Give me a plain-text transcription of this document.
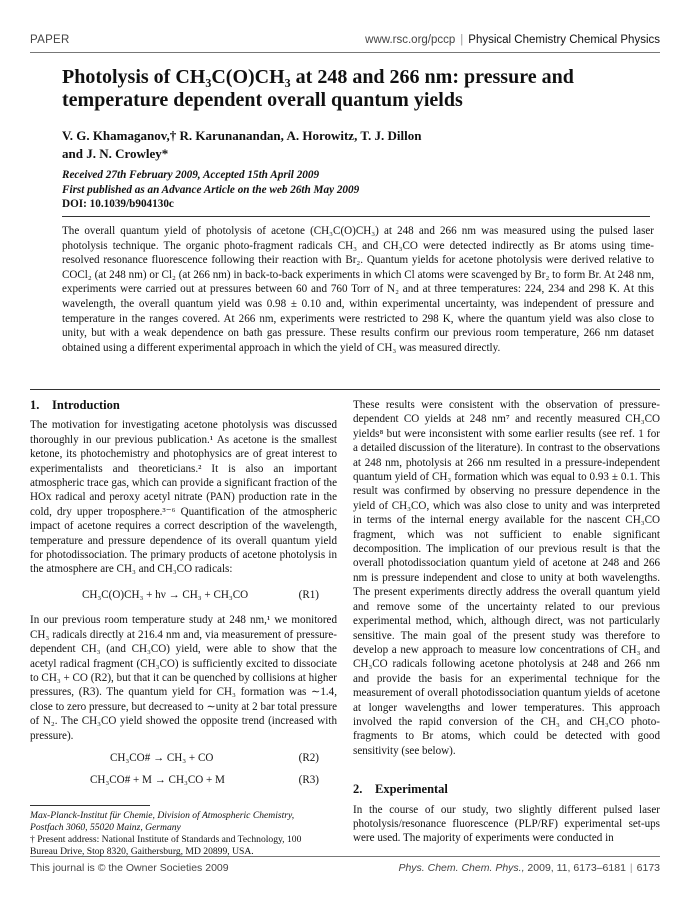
PAPER	www.rsc.org/pccp | Physical Chemistry Chemical Physics
Photolysis of CH₃C(O)CH₃ at 248 and 266 nm: pressure and temperature dependent overall quantum yields
V. G. Khamaganov,† R. Karunanandan, A. Horowitz, T. J. Dillon
and J. N. Crowley*
Received 27th February 2009, Accepted 15th April 2009
First published as an Advance Article on the web 26th May 2009
DOI: 10.1039/b904130c
The overall quantum yield of photolysis of acetone (CH₃C(O)CH₃) at 248 and 266 nm was measured using the pulsed laser photolysis technique. The organic photo-fragment radicals CH₃ and CH₃CO were detected indirectly as Br atoms using time-resolved resonance fluorescence following their reaction with Br₂. Quantum yields for acetone photolysis were derived relative to COCl₂ (at 248 nm) or Cl₂ (at 266 nm) in back-to-back experiments in which Cl atoms were scavenged by Br₂ to form Br. At 248 nm, experiments were carried out at pressures between 60 and 760 Torr of N₂ and at three temperatures: 224, 234 and 298 K. At this wavelength, the overall quantum yield was 0.98 ± 0.10 and, within experimental uncertainty, was independent of pressure and temperature in the ranges covered. At 266 nm, experiments were restricted to 298 K, where the quantum yield was also close to unity, but with a weak dependence on bath gas pressure. These results confirm our previous room temperature, 266 nm dataset obtained using a different experimental approach in which the yield of CH₃ was measured directly.
1. Introduction

The motivation for investigating acetone photolysis was discussed thoroughly in our previous publication.¹ As acetone is the smallest ketone, its photochemistry and photophysics are of great interest to experimentalists and theoreticians.² It is also an important atmospheric trace gas, which can provide a significant fraction of the HOx radical and peroxy acetyl nitrate (PAN) production rate in the cold, dry upper troposphere.³⁻⁶ Quantification of the atmospheric impact of acetone requires a correct description of the wavelength, temperature and pressure dependence of its overall quantum yield for photodissociation. The primary products of acetone photolysis in the atmosphere are CH₃ and CH₃CO radicals:

CH₃C(O)CH₃ + hν → CH₃ + CH₃CO	(R1)

In our previous room temperature study at 248 nm,¹ we monitored CH₃ radicals directly at 216.4 nm and, via measurement of pressure-dependent CH₃ (and CH₃CO) yield, were able to show that the acetyl radical fragment (CH₃CO) is sufficiently excited to dissociate to CH₃ + CO (R2), but that it can be quenched by collisions at higher pressures, (R3). The quantum yield for CH₃ formation was ∼1.4, close to zero pressure, but decreased to ∼unity at 2 bar total pressure of N₂. The CH₃CO yield showed the opposite trend (increased with pressure).

CH₃CO# → CH₃ + CO	(R2)
CH₃CO# + M → CH₃CO + M	(R3)

These results were consistent with the observation of pressure-dependent CO yields at 248 nm⁷ and recently measured CH₃CO yields⁸ but were inconsistent with some earlier results (see ref. 1 for a detailed discussion of the literature). In contrast to the observations at 248 nm, photolysis at 266 nm resulted in a pressure-independent quantum yield of CH₃ formation which was equal to 0.93 ± 0.1. This result was confirmed by observing no pressure dependence in the yield of CH₃CO, which was also close to unity and was interpreted in terms of the internal energy available for the nascent CH₃CO fragment, which was not sufficient to enable significant decomposition. The implication of our previous result is that the overall photodissociation quantum yield of acetone at 248 and 266 nm is pressure independent and close to unity at both wavelengths. The present experiments directly address the overall quantum yield and remove some of the uncertainty related to our previous experimental method, which, although direct, was not particularly sensitive. The main goal of the present study was therefore to develop a new approach to measure low concentrations of CH₃ and CH₃CO radicals following acetone photolysis at 248 and 266 nm and provide the basis for an experimental technique for the measurement of overall photodissociation quantum yields of acetone at longer wavelengths and lower temperatures. This approach involved the rapid conversion of the CH₃ and CH₃CO photo-fragments to Br atoms, which could be detected with good sensitivity (see below).

2. Experimental

In the course of our study, two slightly different pulsed laser photolysis/resonance fluorescence (PLP/RF) experimental set-ups were used. The majority of experiments were conducted in

Max-Planck-Institut für Chemie, Division of Atmospheric Chemistry, Postfach 3060, 55020 Mainz, Germany
† Present address: National Institute of Standards and Technology, 100 Bureau Drive, Stop 8320, Gaithersburg, MD 20899, USA.
This journal is © the Owner Societies 2009	Phys. Chem. Chem. Phys., 2009, 11, 6173–6181 | 6173
